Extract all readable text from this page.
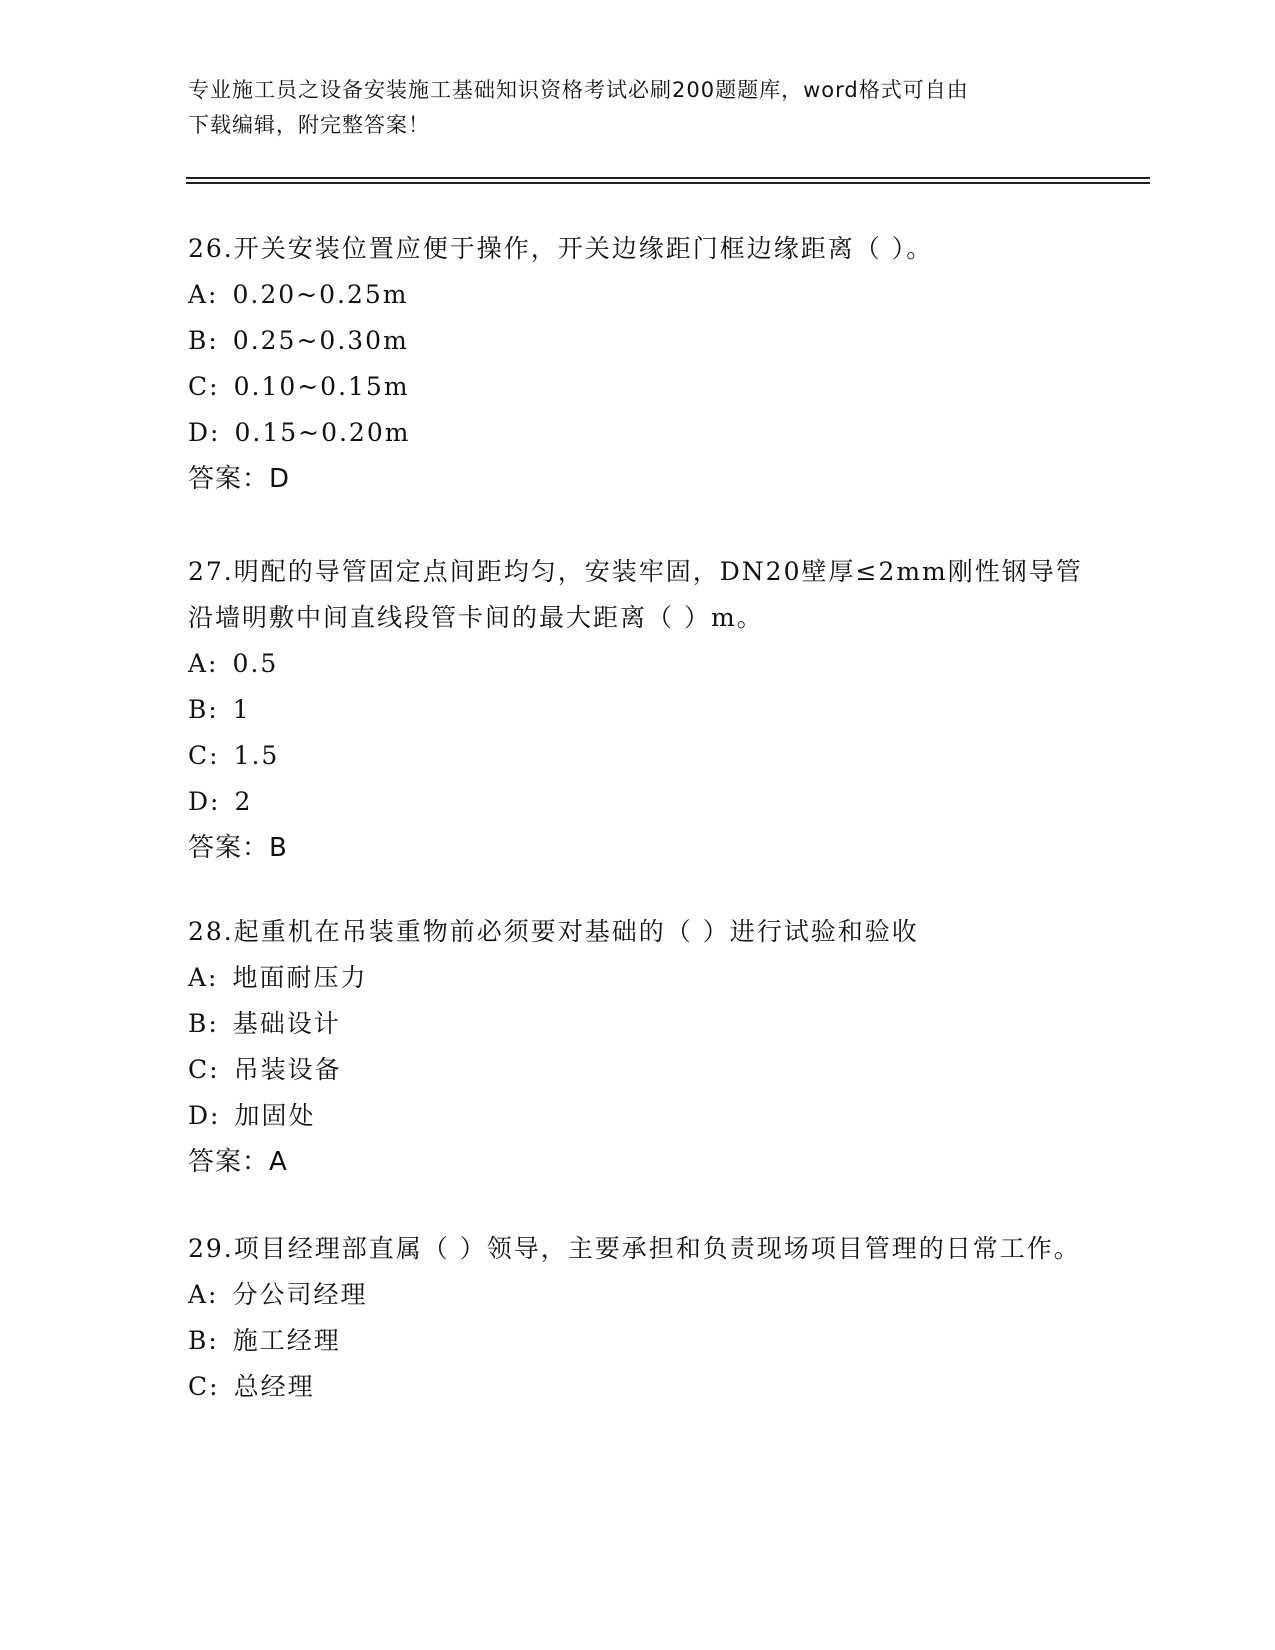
专业施工员之设备安装施工基础知识资格考试必刷200题题库，word格式可自由
下载编辑，附完整答案！
26.开关安装位置应便于操作，开关边缘距门框边缘距离（ ）。
A: 0.20~0.25m
B: 0.25~0.30m
C: 0.10~0.15m
D: 0.15~0.20m
答案：D
27.明配的导管固定点间距均匀，安装牢固，DN20壁厚≤2mm刚性钢导管沿墙明敷中间直线段管卡间的最大距离（ ）m。
A: 0.5
B: 1
C: 1.5
D: 2
答案：B
28.起重机在吊装重物前必须要对基础的（ ）进行试验和验收
A: 地面耐压力
B: 基础设计
C: 吊装设备
D: 加固处
答案：A
29.项目经理部直属（ ）领导，主要承担和负责现场项目管理的日常工作。
A: 分公司经理
B: 施工经理
C: 总经理
